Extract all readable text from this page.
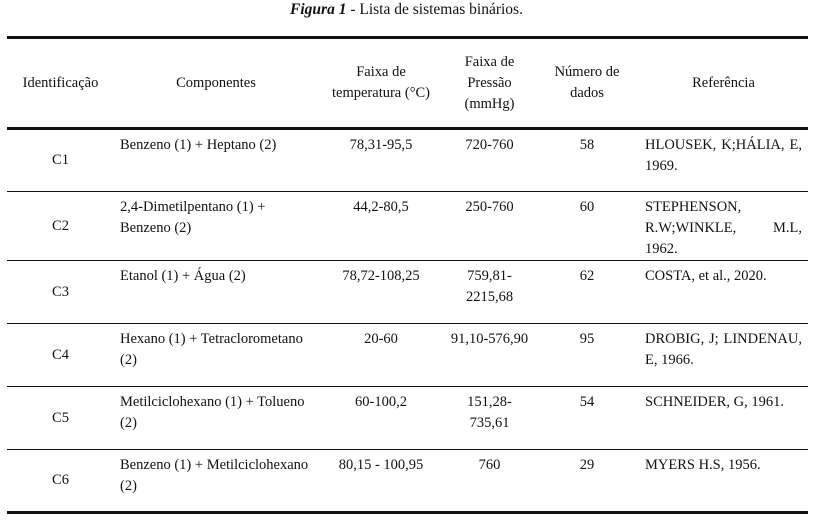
Figura 1 - Lista de sistemas binários.
Identificação	Componentes	Faixa de temperatura (°C)	Faixa de Pressão (mmHg)	Número de dados	Referência
C1	Benzeno (1) + Heptano (2)	78,31-95,5	720-760	58	HLOUSEK, K;HÁLIA, E, 1969.
C2	2,4-Dimetilpentano (1) + Benzeno (2)	44,2-80,5	250-760	60	STEPHENSON, R.W;WINKLE, M.L, 1962.
C3	Etanol (1) + Água (2)	78,72-108,25	759,81-2215,68	62	COSTA, et al., 2020.
C4	Hexano (1) + Tetraclorometano (2)	20-60	91,10-576,90	95	DROBIG, J; LINDENAU, E, 1966.
C5	Metilciclohexano (1) + Tolueno (2)	60-100,2	151,28-735,61	54	SCHNEIDER, G, 1961.
C6	Benzeno (1) + Metilciclohexano (2)	80,15 - 100,95	760	29	MYERS H.S, 1956.
